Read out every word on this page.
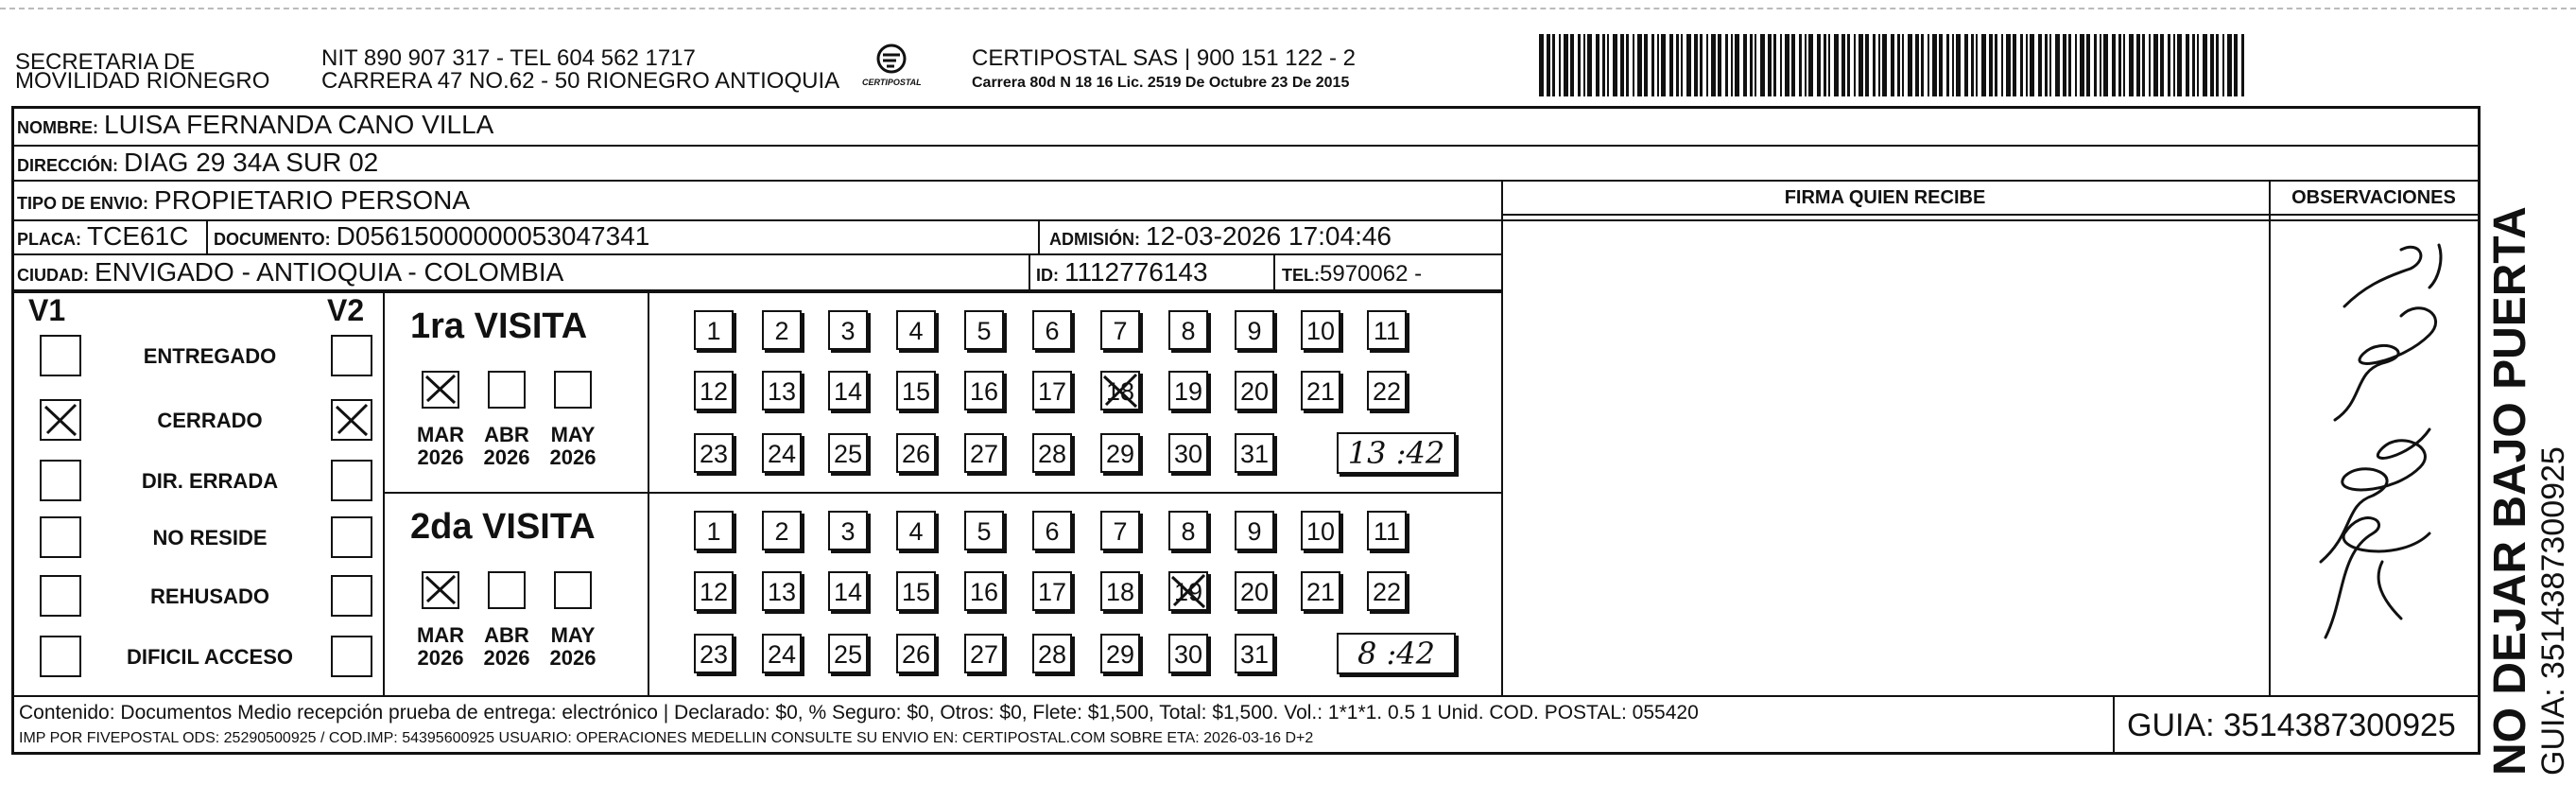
SECRETARIA DE
MOVILIDAD RIONEGRO
NIT 890 907 317 - TEL 604 562 1717
CARRERA 47 NO.62 - 50 RIONEGRO ANTIOQUIA	CERTIPOSTAL
CERTIPOSTAL SAS | 900 151 122 - 2
Carrera 80d N 18 16 Lic. 2519 De Octubre 23 De 2015
NOMBRE: LUISA FERNANDA CANO VILLA
DIRECCIÓN: DIAG 29 34A SUR 02
TIPO DE ENVIO: PROPIETARIO PERSONA	FIRMA QUIEN RECIBE	OBSERVACIONES
PLACA: TCE61C DOCUMENTO: D05615000000053047341	ADMISIÓN: 12-03-2026 17:04:46
CIUDAD: ENVIGADO - ANTIOQUIA - COLOMBIA	ID: 1112776143	TEL:5970062 -
V1	V2
ENTREGADO
CERRADO
DIR. ERRADA
NO RESIDE
REHUSADO
DIFICIL ACCESO
1ra VISITA
MAR
2026
ABR
2026
MAY
2026
1	2	3	4	5	6	7	8	9	10 11
12 13 14 15 16 17 18 19 20 21 22
23 24 25 26 27 28 29 30 31	13 :42
2da VISITA
MAR
2026
ABR
2026
MAY
2026
1	2	3	4	5	6	7	8	9	10 11
12 13 14 15 16 17 18 19 20 21 22
23 24 25 26 27 28 29 30 31	8 :42
Contenido: Documentos Medio recepción prueba de entrega: electrónico | Declarado: $0, % Seguro: $0, Otros: $0, Flete: $1,500, Total: $1,500. Vol.: 1*1*1. 0.5 1 Unid. COD. POSTAL: 055420
IMP POR FIVEPOSTAL ODS: 25290500925 / COD.IMP: 54395600925 USUARIO: OPERACIONES MEDELLIN CONSULTE SU ENVIO EN: CERTIPOSTAL.COM SOBRE ETA: 2026-03-16 D+2	GUIA: 3514387300925 NO DEJAR BAJO PUERTA GUIA: 3514387300925
